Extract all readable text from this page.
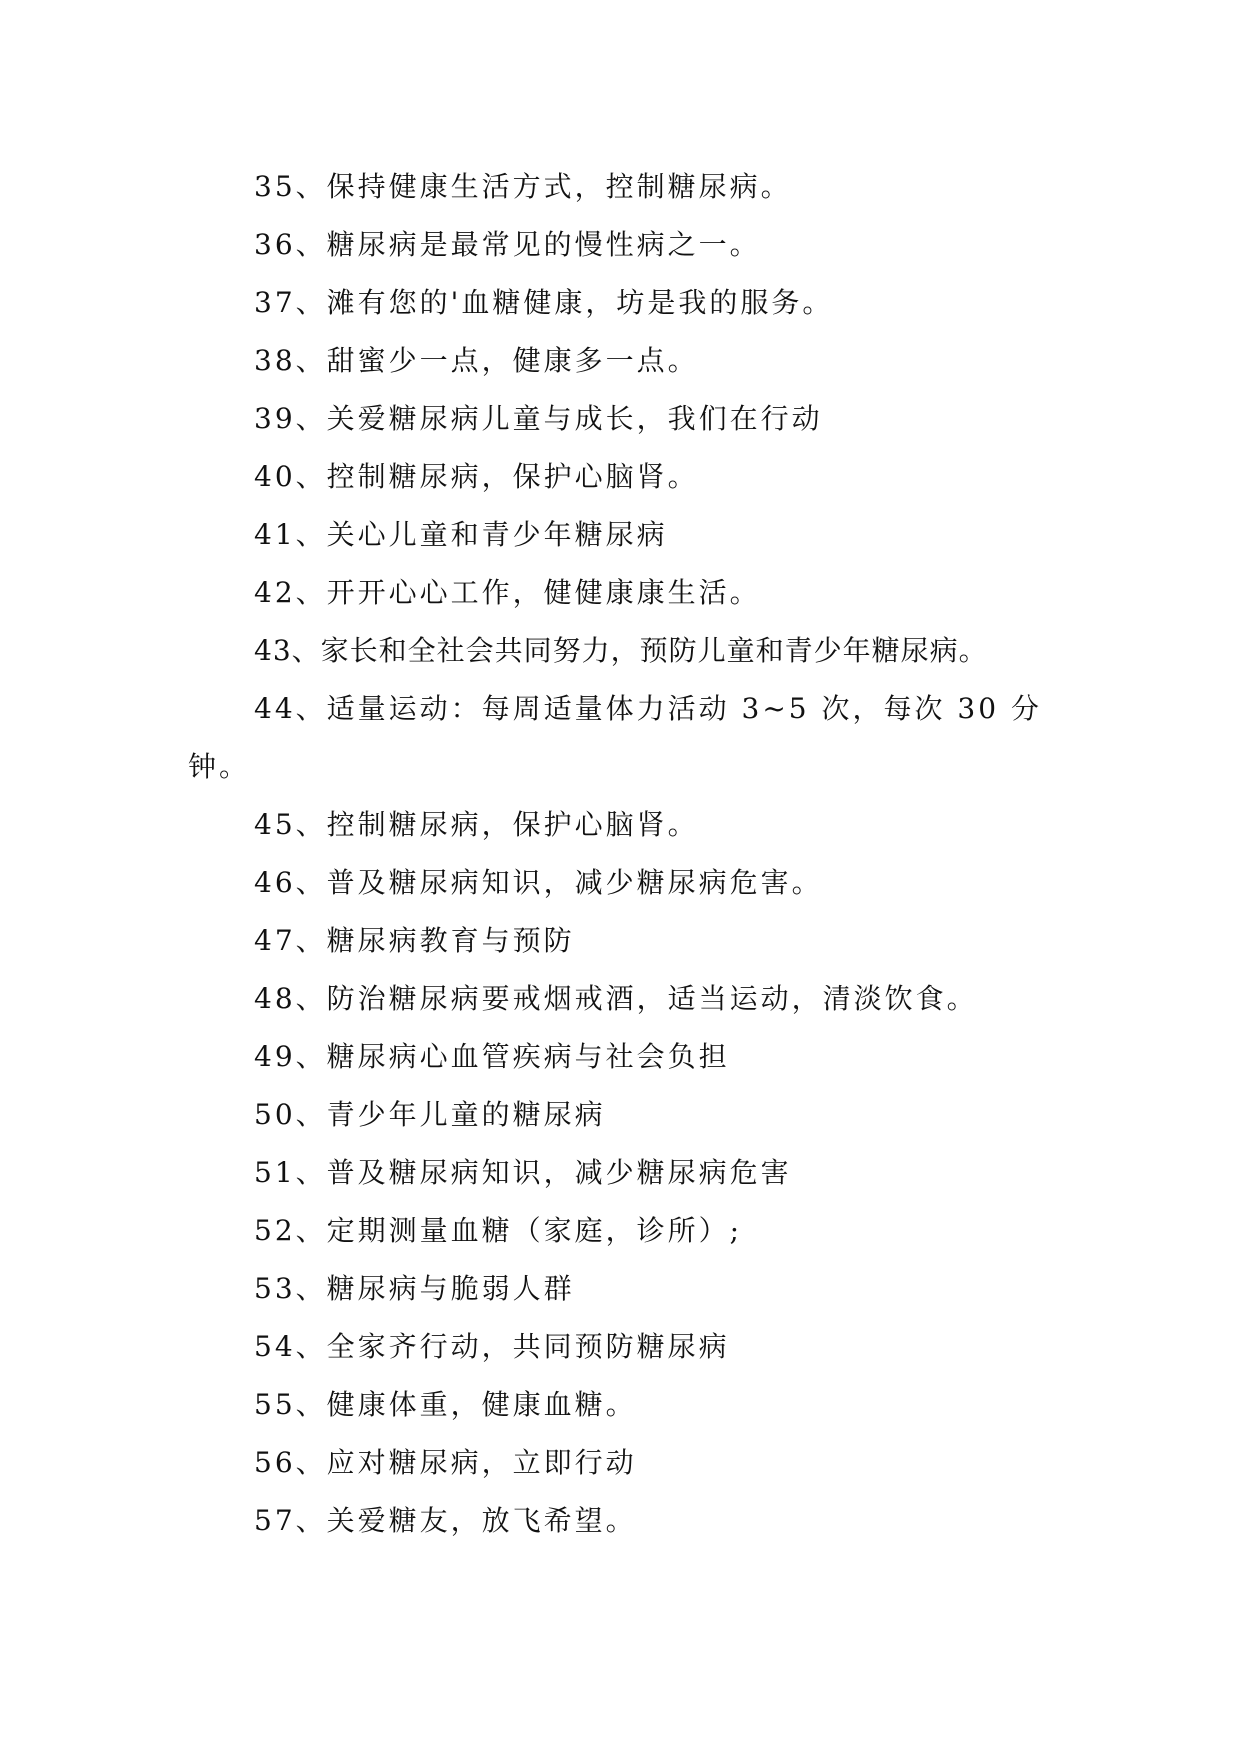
35、保持健康生活方式，控制糖尿病。
36、糖尿病是最常见的慢性病之一。
37、滩有您的'血糖健康，坊是我的服务。
38、甜蜜少一点，健康多一点。
39、关爱糖尿病儿童与成长，我们在行动
40、控制糖尿病，保护心脑肾。
41、关心儿童和青少年糖尿病
42、开开心心工作，健健康康生活。
43、家长和全社会共同努力，预防儿童和青少年糖尿病。
44、适量运动：每周适量体力活动 3~5 次，每次 30 分
钟。
45、控制糖尿病，保护心脑肾。
46、普及糖尿病知识，减少糖尿病危害。
47、糖尿病教育与预防
48、防治糖尿病要戒烟戒酒，适当运动，清淡饮食。
49、糖尿病心血管疾病与社会负担
50、青少年儿童的糖尿病
51、普及糖尿病知识，减少糖尿病危害
52、定期测量血糖（家庭，诊所）;
53、糖尿病与脆弱人群
54、全家齐行动，共同预防糖尿病
55、健康体重，健康血糖。
56、应对糖尿病，立即行动
57、关爱糖友，放飞希望。
